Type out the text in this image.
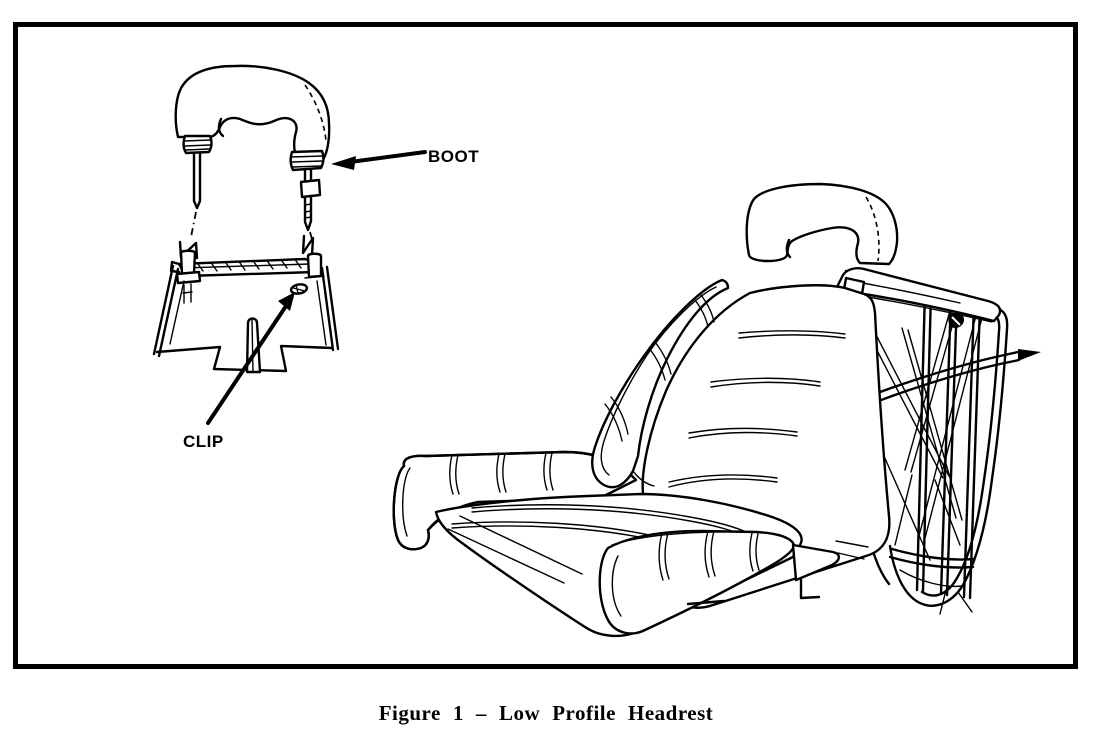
BOOT
CLIP
Figure 1 – Low Profile Headrest
